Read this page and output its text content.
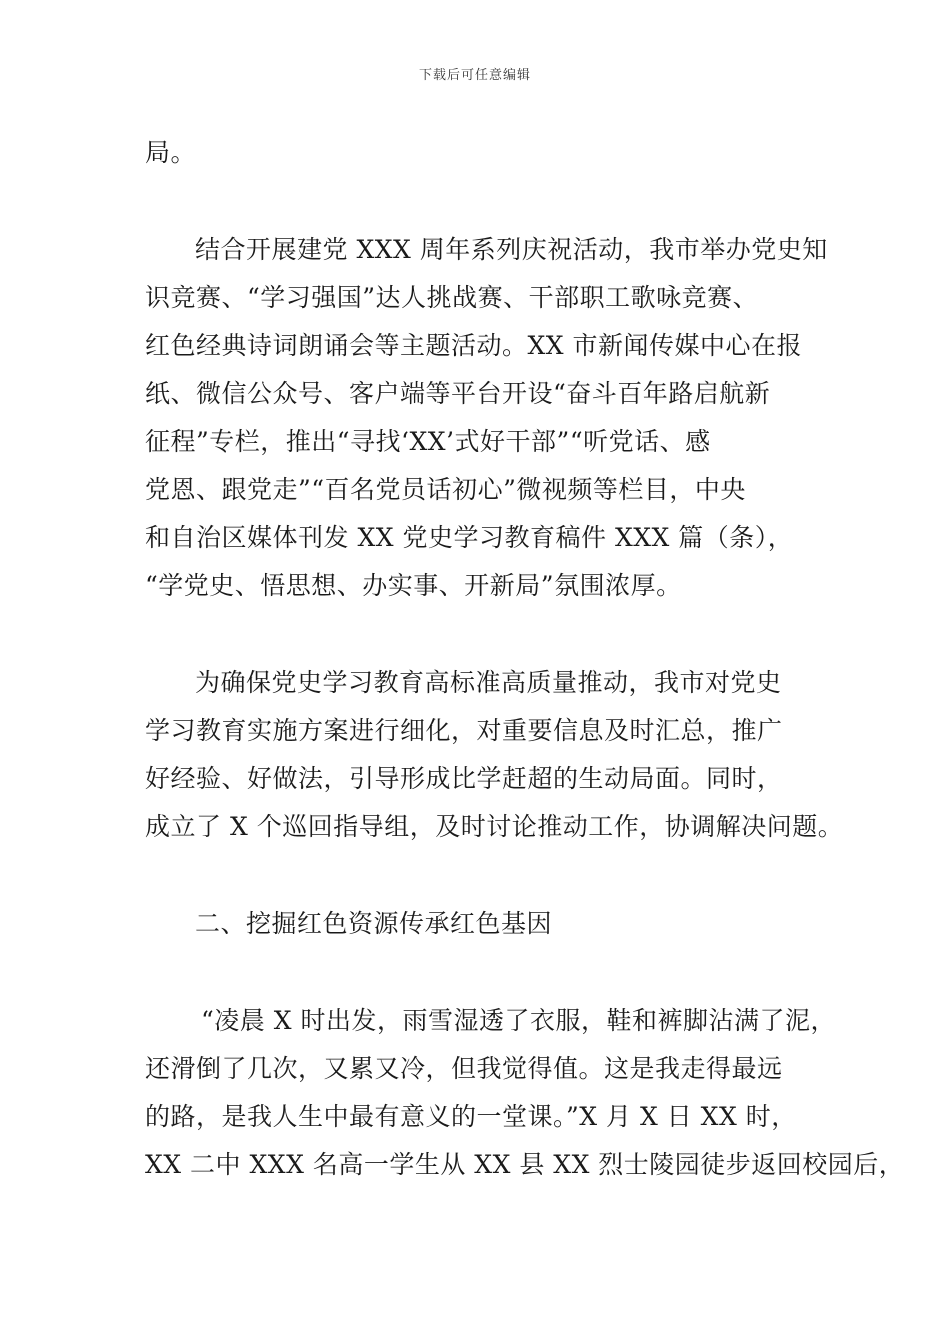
下载后可任意编辑
局。
结合开展建党 XXX 周年系列庆祝活动，我市举办党史知
识竞赛、“学习强国”达人挑战赛、干部职工歌咏竞赛、
红色经典诗词朗诵会等主题活动。XX 市新闻传媒中心在报
纸、微信公众号、客户端等平台开设“奋斗百年路启航新
征程”专栏，推出“寻找‘XX’式好干部”“听党话、感
党恩、跟党走”“百名党员话初心”微视频等栏目，中央
和自治区媒体刊发 XX 党史学习教育稿件 XXX 篇（条），
“学党史、悟思想、办实事、开新局”氛围浓厚。
为确保党史学习教育高标准高质量推动，我市对党史
学习教育实施方案进行细化，对重要信息及时汇总，推广
好经验、好做法，引导形成比学赶超的生动局面。同时，
成立了 X 个巡回指导组，及时讨论推动工作，协调解决问题。
二、挖掘红色资源传承红色基因
“凌晨 X 时出发，雨雪湿透了衣服，鞋和裤脚沾满了泥，
还滑倒了几次，又累又冷，但我觉得值。这是我走得最远
的路，是我人生中最有意义的一堂课。”X 月 X 日 XX 时，
XX 二中 XXX 名高一学生从 XX 县 XX 烈士陵园徒步返回校园后，
